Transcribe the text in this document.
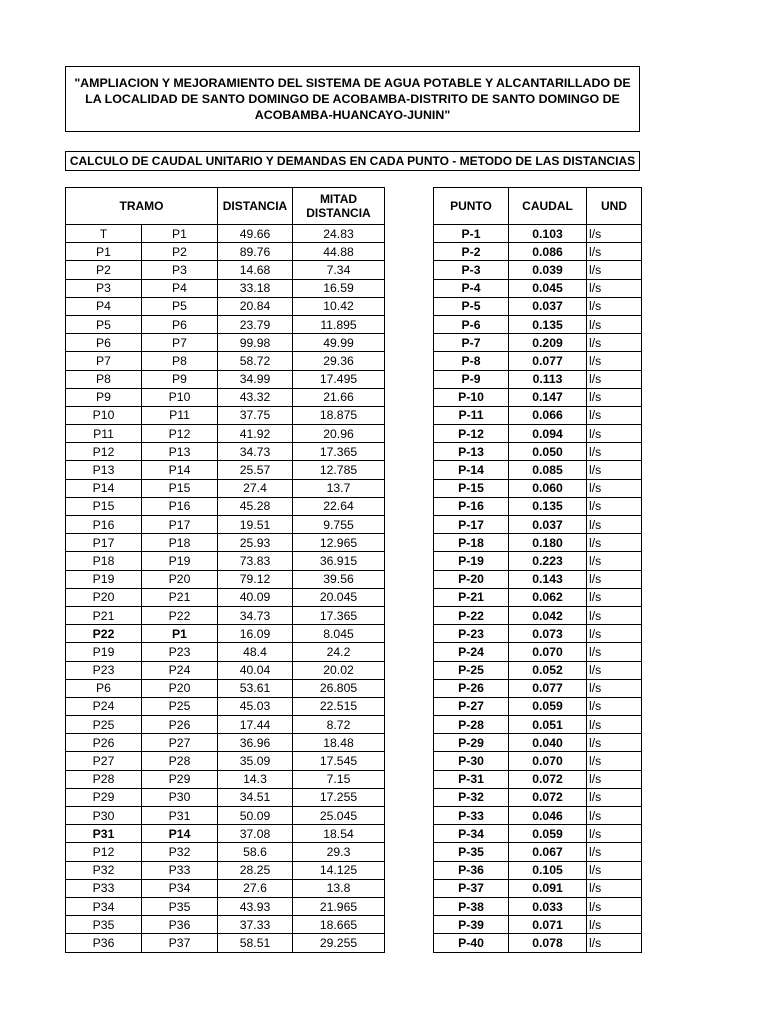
"AMPLIACION Y MEJORAMIENTO DEL SISTEMA DE AGUA POTABLE Y ALCANTARILLADO DE LA LOCALIDAD DE SANTO DOMINGO DE ACOBAMBA-DISTRITO DE SANTO DOMINGO DE ACOBAMBA-HUANCAYO-JUNIN"
CALCULO DE CAUDAL UNITARIO Y DEMANDAS EN CADA PUNTO - METODO DE LAS DISTANCIAS
TRAMO		DISTANCIA	MITAD
DISTANCIA

T	P1	49.66	24.83
P1	P2	89.76	44.88
P2	P3	14.68	7.34
P3	P4	33.18	16.59
P4	P5	20.84	10.42
P5	P6	23.79	11.895
P6	P7	99.98	49.99
P7	P8	58.72	29.36
P8	P9	34.99	17.495
P9	P10	43.32	21.66
P10	P11	37.75	18.875
P11	P12	41.92	20.96
P12	P13	34.73	17.365
P13	P14	25.57	12.785
P14	P15	27.4	13.7
P15	P16	45.28	22.64
P16	P17	19.51	9.755
P17	P18	25.93	12.965
P18	P19	73.83	36.915
P19	P20	79.12	39.56
P20	P21	40.09	20.045
P21	P22	34.73	17.365
P22	P1	16.09	8.045
P19	P23	48.4	24.2
P23	P24	40.04	20.02
P6	P20	53.61	26.805
P24	P25	45.03	22.515
P25	P26	17.44	8.72
P26	P27	36.96	18.48
P27	P28	35.09	17.545
P28	P29	14.3	7.15
P29	P30	34.51	17.255
P30	P31	50.09	25.045
P31	P14	37.08	18.54
P12	P32	58.6	29.3
P32	P33	28.25	14.125
P33	P34	27.6	13.8
P34	P35	43.93	21.965
P35	P36	37.33	18.665
P36	P37	58.51	29.255
PUNTO	CAUDAL	UND
P-1	0.103	l/s
P-2	0.086	l/s
P-3	0.039	l/s
P-4	0.045	l/s
P-5	0.037	l/s
P-6	0.135	l/s
P-7	0.209	l/s
P-8	0.077	l/s
P-9	0.113	l/s
P-10	0.147	l/s
P-11	0.066	l/s
P-12	0.094	l/s
P-13	0.050	l/s
P-14	0.085	l/s
P-15	0.060	l/s
P-16	0.135	l/s
P-17	0.037	l/s
P-18	0.180	l/s
P-19	0.223	l/s
P-20	0.143	l/s
P-21	0.062	l/s
P-22	0.042	l/s
P-23	0.073	l/s
P-24	0.070	l/s
P-25	0.052	l/s
P-26	0.077	l/s
P-27	0.059	l/s
P-28	0.051	l/s
P-29	0.040	l/s
P-30	0.070	l/s
P-31	0.072	l/s
P-32	0.072	l/s
P-33	0.046	l/s
P-34	0.059	l/s
P-35	0.067	l/s
P-36	0.105	l/s
P-37	0.091	l/s
P-38	0.033	l/s
P-39	0.071	l/s
P-40	0.078	l/s
